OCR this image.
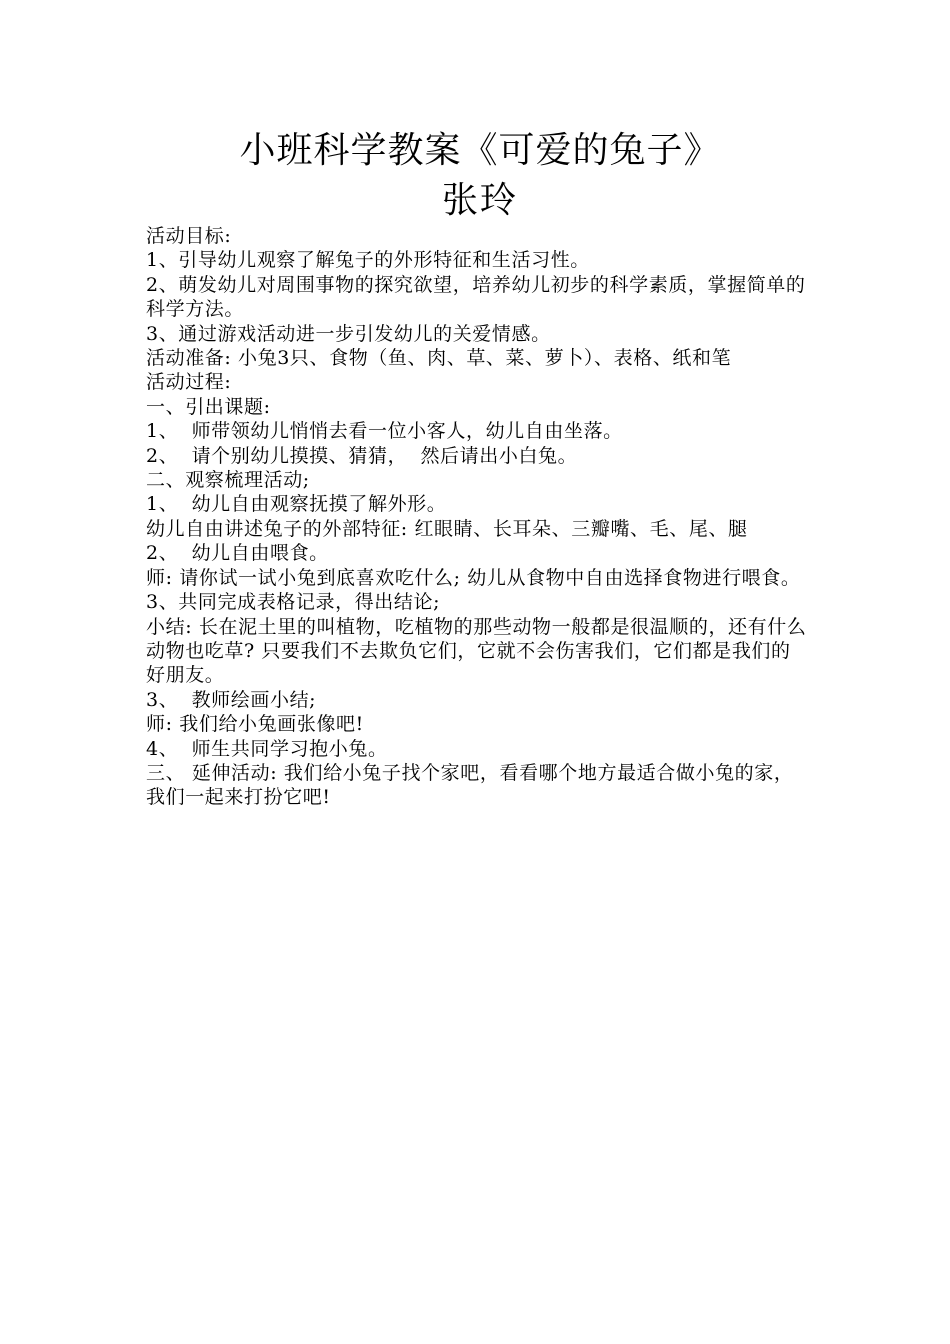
小班科学教案《可爱的兔子》
张玲

活动目标:

1、引导幼儿观察了解兔子的外形特征和生活习性。

2、萌发幼儿对周围事物的探究欲望，培养幼儿初步的科学素质，掌握简单的科学方法。

3、通过游戏活动进一步引发幼儿的关爱情感。

活动准备: 小兔3只、食物（鱼、肉、草、菜、萝卜）、表格、纸和笔

活动过程:

一、引出课题:

1、  师带领幼儿悄悄去看一位小客人，幼儿自由坐落。

2、  请个别幼儿摸摸、猜猜，  然后请出小白兔。

二、观察梳理活动;

1、  幼儿自由观察抚摸了解外形。

幼儿自由讲述兔子的外部特征: 红眼睛、长耳朵、三瓣嘴、毛、尾、腿

2、  幼儿自由喂食。

师: 请你试一试小兔到底喜欢吃什么; 幼儿从食物中自由选择食物进行喂食。

3、共同完成表格记录，得出结论;

小结: 长在泥土里的叫植物，吃植物的那些动物一般都是很温顺的，还有什么动物也吃草? 只要我们不去欺负它们，它就不会伤害我们，它们都是我们的好朋友。

3、  教师绘画小结;

师: 我们给小兔画张像吧!

4、  师生共同学习抱小兔。

三、 延伸活动: 我们给小兔子找个家吧，看看哪个地方最适合做小兔的家，我们一起来打扮它吧!
